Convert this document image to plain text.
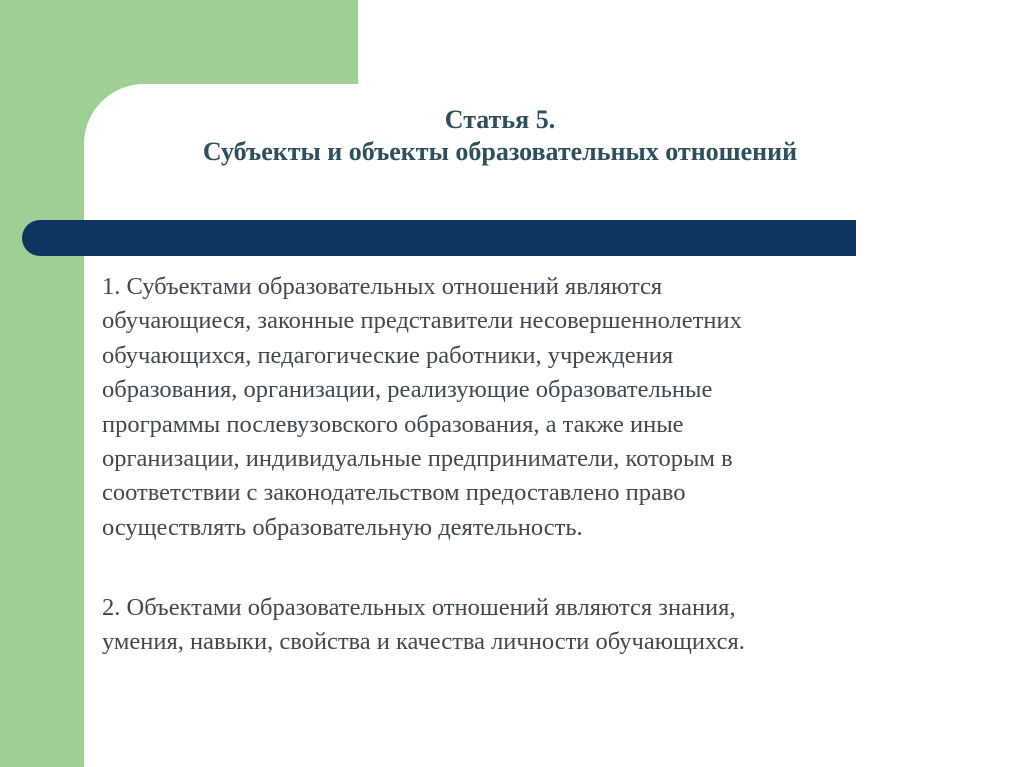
Статья 5.
Субъекты и объекты образовательных отношений
1. Субъектами образовательных отношений являются
обучающиеся, законные представители несовершеннолетних
обучающихся, педагогические работники, учреждения
образования, организации, реализующие образовательные
программы послевузовского образования, а также иные
организации, индивидуальные предприниматели, которым в
соответствии с законодательством предоставлено право
осуществлять образовательную деятельность.
2. Объектами образовательных отношений являются знания,
умения, навыки, свойства и качества личности обучающихся.
